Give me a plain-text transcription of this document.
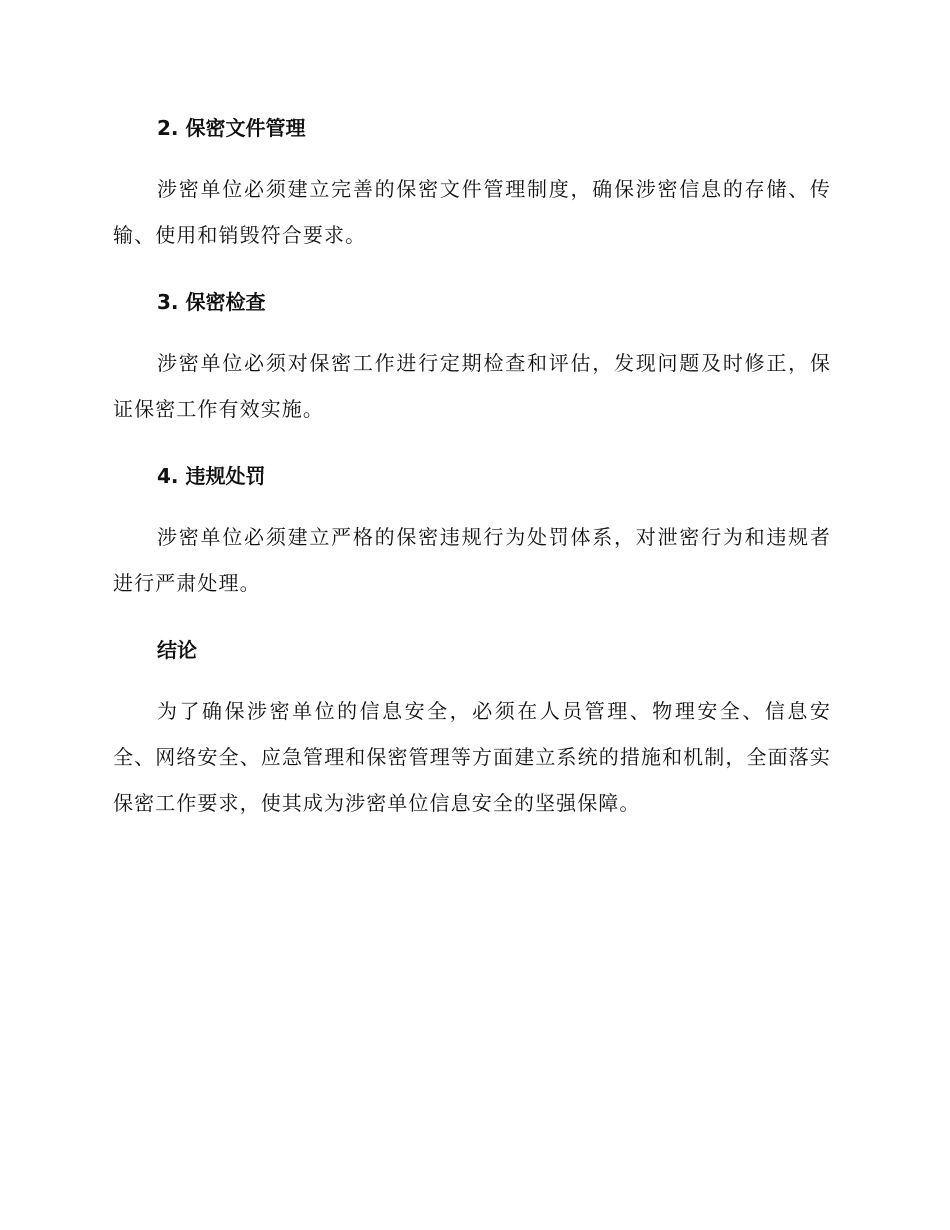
2. 保密文件管理

涉密单位必须建立完善的保密文件管理制度，确保涉密信息的存储、传输、使用和销毁符合要求。

3. 保密检查

涉密单位必须对保密工作进行定期检查和评估，发现问题及时修正，保证保密工作有效实施。

4. 违规处罚

涉密单位必须建立严格的保密违规行为处罚体系，对泄密行为和违规者进行严肃处理。

结论

为了确保涉密单位的信息安全，必须在人员管理、物理安全、信息安全、网络安全、应急管理和保密管理等方面建立系统的措施和机制，全面落实保密工作要求，使其成为涉密单位信息安全的坚强保障。
